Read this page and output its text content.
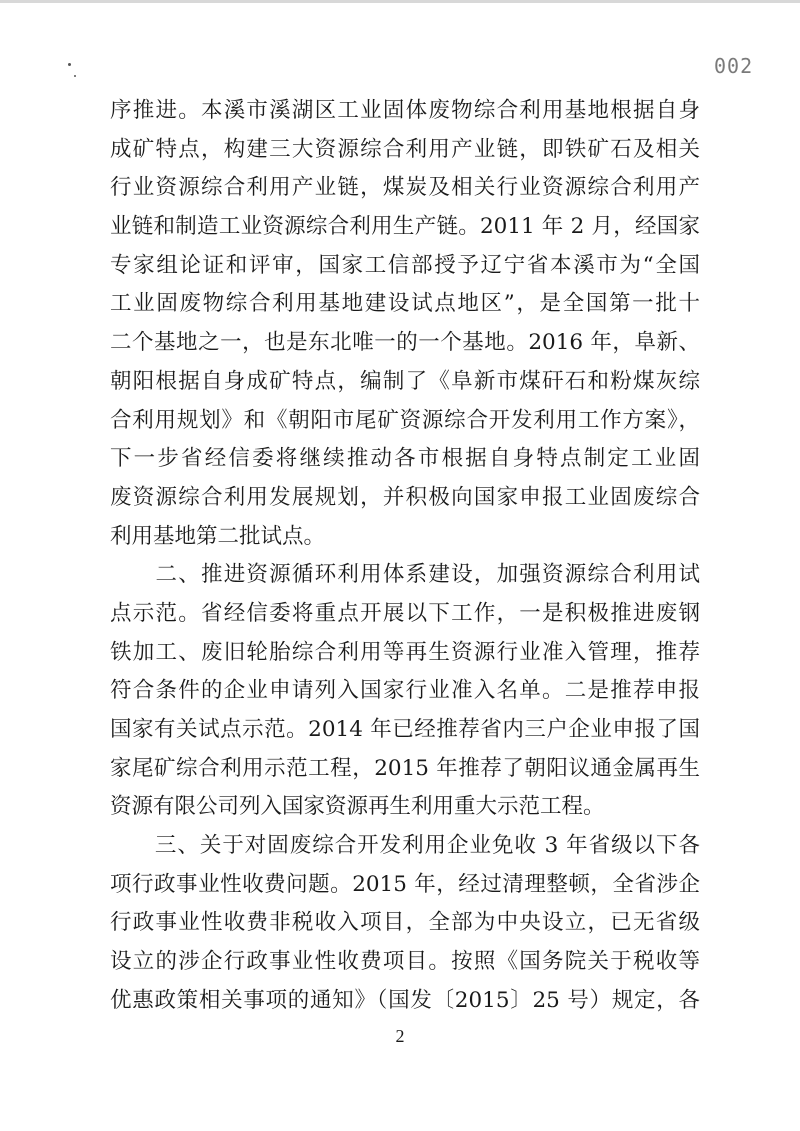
002
序推进。本溪市溪湖区工业固体废物综合利用基地根据自身
成矿特点，构建三大资源综合利用产业链，即铁矿石及相关
行业资源综合利用产业链，煤炭及相关行业资源综合利用产
业链和制造工业资源综合利用生产链。2011 年 2 月，经国家
专家组论证和评审，国家工信部授予辽宁省本溪市为“全国
工业固废物综合利用基地建设试点地区”，是全国第一批十
二个基地之一，也是东北唯一的一个基地。2016 年，阜新、
朝阳根据自身成矿特点，编制了《阜新市煤矸石和粉煤灰综
合利用规划》和《朝阳市尾矿资源综合开发利用工作方案》，
下一步省经信委将继续推动各市根据自身特点制定工业固
废资源综合利用发展规划，并积极向国家申报工业固废综合
利用基地第二批试点。
　　二、推进资源循环利用体系建设，加强资源综合利用试
点示范。省经信委将重点开展以下工作，一是积极推进废钢
铁加工、废旧轮胎综合利用等再生资源行业准入管理，推荐
符合条件的企业申请列入国家行业准入名单。二是推荐申报
国家有关试点示范。2014 年已经推荐省内三户企业申报了国
家尾矿综合利用示范工程，2015 年推荐了朝阳议通金属再生
资源有限公司列入国家资源再生利用重大示范工程。
　　三、关于对固废综合开发利用企业免收 3 年省级以下各
项行政事业性收费问题。2015 年，经过清理整顿，全省涉企
行政事业性收费非税收入项目，全部为中央设立，已无省级
设立的涉企行政事业性收费项目。按照《国务院关于税收等
优惠政策相关事项的通知》（国发〔2015〕25 号）规定，各
2
